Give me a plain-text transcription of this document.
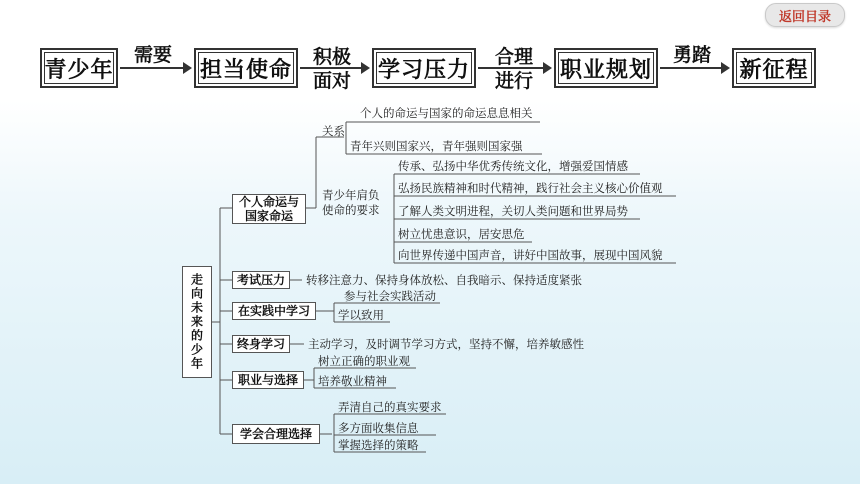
返回目录
青少年	担当使命	学习压力	职业规划	新征程
需要	积极
面对
合理
进行
勇踏
走向未来的少年
个人命运与
国家命运
关系
个人的命运与国家的命运息息相关
青年兴则国家兴，青年强则国家强
青少年肩负
使命的要求
传承、弘扬中华优秀传统文化，增强爱国情感
弘扬民族精神和时代精神，践行社会主义核心价值观
了解人类文明进程，关切人类问题和世界局势
树立忧患意识，居安思危
向世界传递中国声音，讲好中国故事，展现中国风貌
考试压力	转移注意力、保持身体放松、自我暗示、保持适度紧张
在实践中学习
参与社会实践活动
学以致用
终身学习	主动学习，及时调节学习方式，坚持不懈，培养敏感性
职业与选择
树立正确的职业观
培养敬业精神
学会合理选择
弄清自己的真实要求
多方面收集信息
掌握选择的策略
